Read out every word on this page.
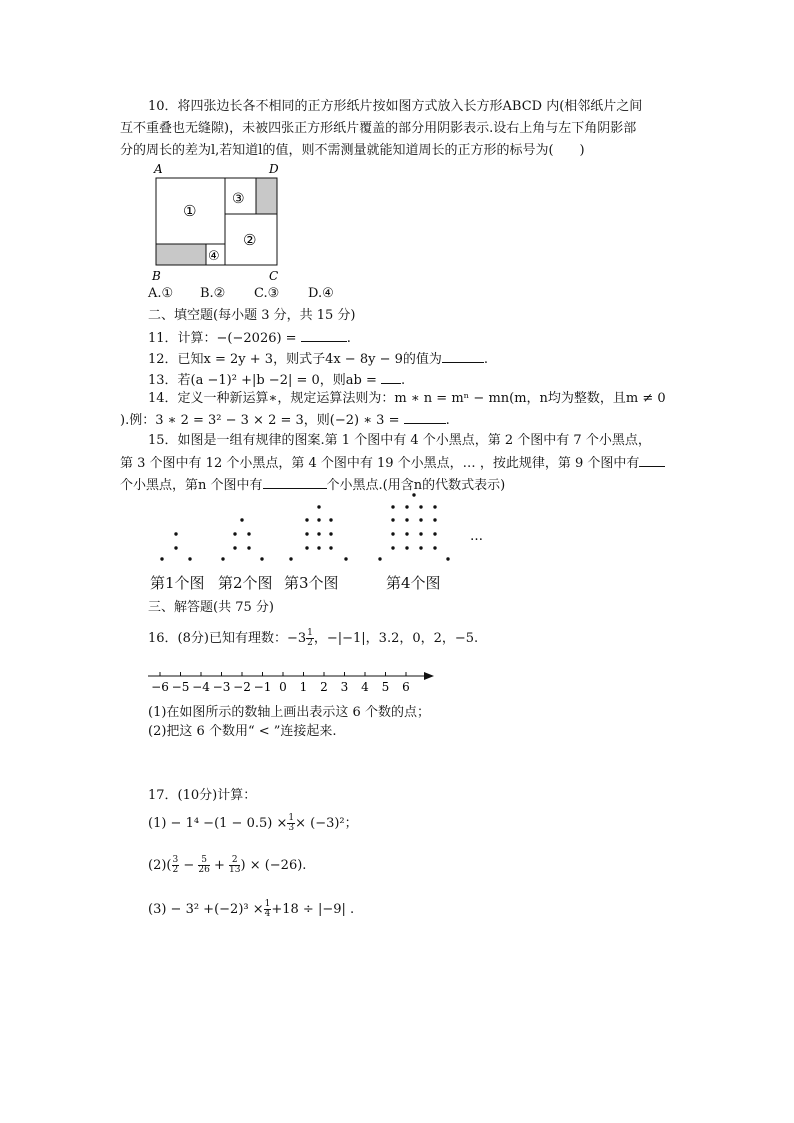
10．将四张边长各不相同的正方形纸片按如图方式放入长方形ABCD 内(相邻纸片之间
互不重叠也无缝隙)，未被四张正方形纸片覆盖的部分用阴影表示.设右上角与左下角阴影部
分的周长的差为l,若知道l的值，则不需测量就能知道周长的正方形的标号为(　　)
A	D
B	C
①
③
②
④
A.① B.② C.③ D.④
二、填空题(每小题 3 分，共 15 分)
11．计算：−(−2026) =	.
12．已知x = 2y + 3，则式子4x − 8y − 9的值为	.
13．若(a −1)² +|b −2| = 0，则ab = .
14．定义一种新运算∗，规定运算法则为：m ∗ n = mⁿ − mn(m，n均为整数，且m ≠ 0
).例：3 ∗ 2 = 3² − 3 × 2 = 3，则(−2) ∗ 3 =	.
15．如图是一组有规律的图案.第 1 个图中有 4 个小黑点，第 2 个图中有 7 个小黑点，
第 3 个图中有 12 个小黑点，第 4 个图中有 19 个小黑点，… ，按此规律，第 9 个图中有
个小黑点，第n 个图中有	个小黑点.(用含n的代数式表示)
…
第1个图 第2个图 第3个图	第4个图
三、解答题(共 75 分)
16．(8分)已知有理数：$-3 \frac{1}{2}$ ，−|−1|，3.2，0，2，−5.
−6 −5 −4 −3 −2 −1 0 1 2 3 4 5 6
(1)在如图所示的数轴上画出表示这 6 个数的点；
(2)把这 6 个数用“ < ”连接起来.
17．(10分)计算：
$(1) - 1^4 -(1 - 0.5) \times \frac{1}{3} \times (-3)^2$；
$(2)( \frac{3}{2} - \frac{5}{26} + \frac{2}{13}$ ) × (−26).
$(3) - 3^2 +(-2)^3 \times \frac{1}{4} +18 \div |-9|$ .
